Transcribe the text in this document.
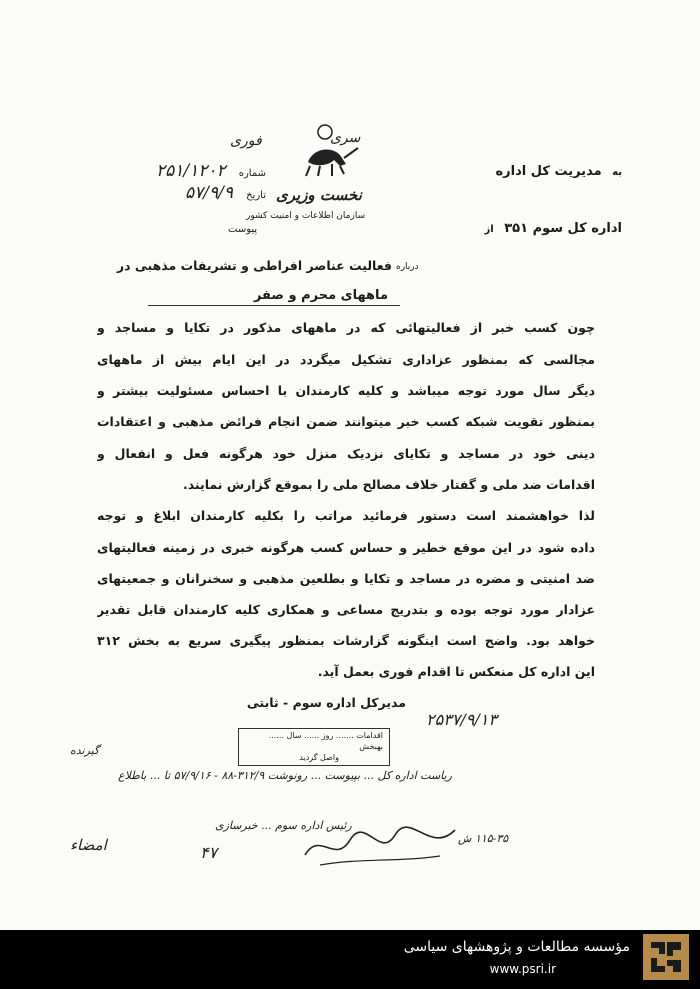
به مدیریت کل اداره
اداره کل سوم ۳۵۱ از
نخست وزیری
سازمان اطلاعات و امنیت کشور
سری
فوری
شماره ۲۵۱/۱۲۰۲
تاریخ ۵۷/۹/۹
پیوست
درباره
فعالیت عناصر افراطی و تشریفات مذهبی در
ماههای محرم و صفر
چون کسب خبر از فعالیتهائی که در ماههای مذکور در تکایا و مساجد و
مجالسی که بمنظور عزاداری تشکیل میگردد در این ایام بیش از ماههای
دیگر سال مورد توجه میباشد و کلیه کارمندان با احساس مسئولیت بیشتر و
بمنظور تقویت شبکه کسب خبر میتوانند ضمن انجام فرائض مذهبی و اعتقادات
دینی خود در مساجد و تکایای نزدیک منزل خود هرگونه فعل و انفعال و
اقدامات ضد ملی و گفتار خلاف مصالح ملی را بموقع گزارش نمایند.
لذا خواهشمند است دستور فرمائید مراتب را بکلیه کارمندان ابلاغ و توجه
داده شود در این موقع خطیر و حساس کسب هرگونه خبری در زمینه فعالیتهای
ضد امنیتی و مضره در مساجد و تکایا و بطلعین مذهبی و سخنرانان و جمعیتهای
عزادار مورد توجه بوده و بتدریج مساعی و همکاری کلیه کارمندان قابل تقدیر
خواهد بود. واضح است اینگونه گزارشات بمنظور پیگیری سریع به بخش ۳۱۲
این اداره کل منعکس تا اقدام فوری بعمل آید.
مدیرکل اداره سوم - ثابتی
۲۵۳۷/۹/۱۳
اقدامات ....... روز ...... سال ......
بهبخش
واصل گردید
گیرنده
ریاست اداره کل ... بپیوست ... رونوشت ۳۱۲/۹-۸۸ - ۵۷/۹/۱۶ تا ... باطلاع
رئیس اداره سوم ... خبرسازی
۱۱۵-۳۵ ش
امضاء	۴۷
مؤسسه مطالعات و پژوهشهای سیاسی
www.psri.ir
